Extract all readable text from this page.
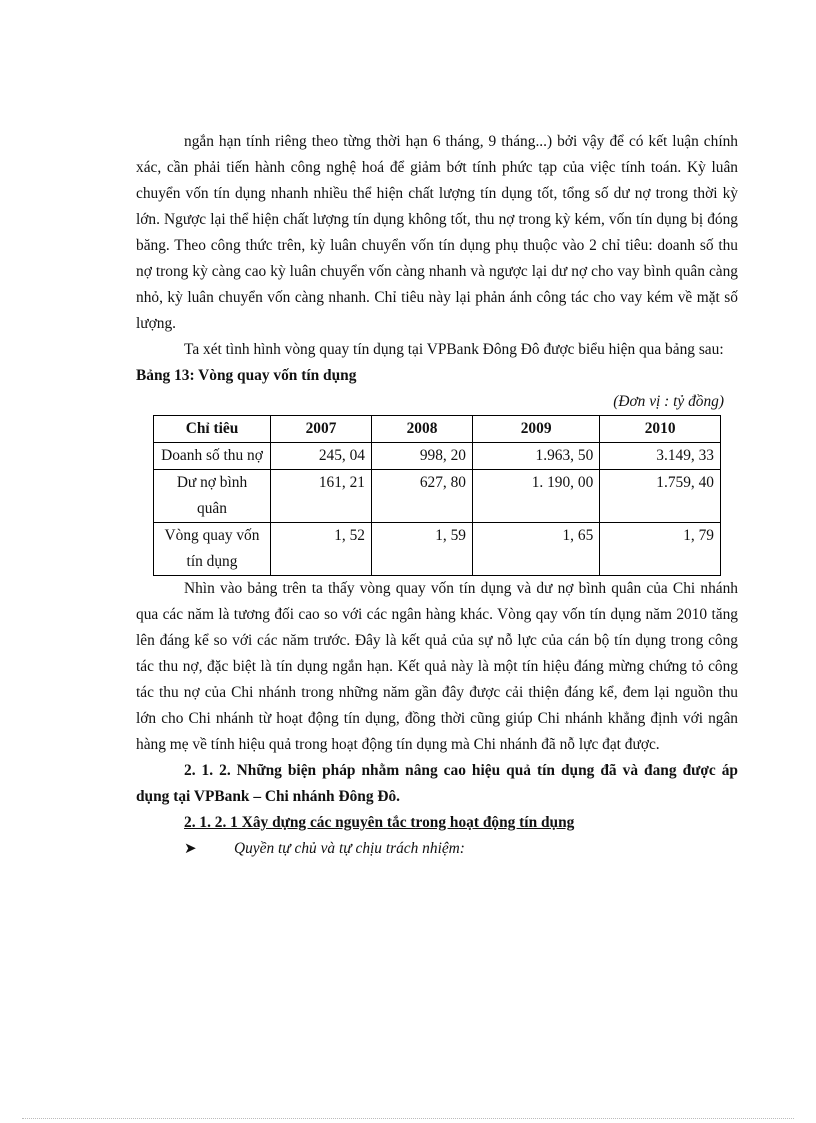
ngắn hạn tính riêng theo từng thời hạn 6 tháng, 9 tháng...) bởi vậy để có kết luận chính xác, cần phải tiến hành công nghệ hoá để giảm bớt tính phức tạp của việc tính toán. Kỳ luân chuyển vốn tín dụng nhanh nhiều thể hiện chất lượng tín dụng tốt, tổng số dư nợ trong thời kỳ lớn. Ngược lại thể hiện chất lượng tín dụng không tốt, thu nợ trong kỳ kém, vốn tín dụng bị đóng băng. Theo công thức trên, kỳ luân chuyển vốn tín dụng phụ thuộc vào 2 chỉ tiêu: doanh số thu nợ trong kỳ càng cao kỳ luân chuyển vốn càng nhanh và ngược lại dư nợ cho vay bình quân càng nhỏ, kỳ luân chuyển vốn càng nhanh. Chỉ tiêu này lại phản ánh công tác cho vay kém về mặt số lượng.

Ta xét tình hình vòng quay tín dụng tại VPBank Đông Đô được biểu hiện qua bảng sau:

Bảng 13: Vòng quay vốn tín dụng
(Đơn vị : tỷ đồng)
Chỉ tiêu	2007	2008	2009	2010
Doanh số thu nợ	245, 04	998, 20	1.963, 50	3.149, 33
Dư nợ bình quân	161, 21	627, 80	1. 190, 00	1.759, 40
Vòng quay vốn tín dụng	1, 52	1, 59	1, 65	1, 79

Nhìn vào bảng trên ta thấy vòng quay vốn tín dụng và dư nợ bình quân của Chi nhánh qua các năm là tương đối cao so với các ngân hàng khác. Vòng qay vốn tín dụng năm 2010 tăng lên đáng kể so với các năm trước. Đây là kết quả của sự nỗ lực của cán bộ tín dụng trong công tác thu nợ, đặc biệt là tín dụng ngắn hạn. Kết quả này là một tín hiệu đáng mừng chứng tỏ công tác thu nợ của Chi nhánh trong những năm gần đây được cải thiện đáng kể, đem lại nguồn thu lớn cho Chi nhánh từ hoạt động tín dụng, đồng thời cũng giúp Chi nhánh khẳng định với ngân hàng mẹ về tính hiệu quả trong hoạt động tín dụng mà Chi nhánh đã nỗ lực đạt được.

2. 1. 2. Những biện pháp nhằm nâng cao hiệu quả tín dụng đã và đang được áp dụng tại VPBank – Chi nhánh Đông Đô.

2. 1. 2. 1 Xây dựng các nguyên tắc trong hoạt động tín dụng

➤	Quyền tự chủ và tự chịu trách nhiệm:
